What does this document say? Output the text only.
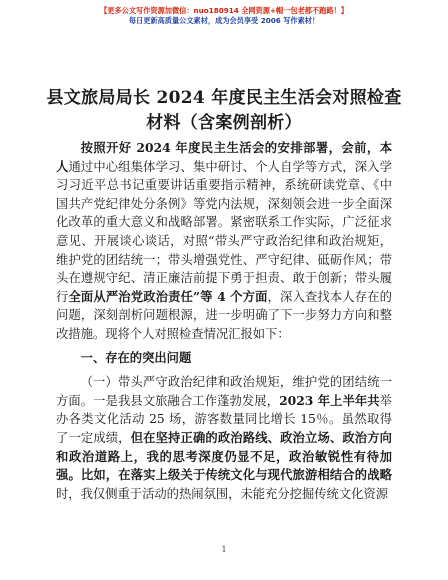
【更多公文写作资源加微信：nuo180914 全网资源+帽一包老都不跑路！】
每日更新高质量公文素材，成为会员享受 2006 写作素材！
县文旅局局长 2024 年度民主生活会对照检查材料（含案例剖析）

按照开好 2024 年度民主生活会的安排部署，会前，本人通过中心组集体学习、集中研讨、个人自学等方式，深入学习习近平总书记重要讲话重要指示精神，系统研读党章、《中国共产党纪律处分条例》等党内法规，深刻领会进一步全面深化改革的重大意义和战略部署。紧密联系工作实际，广泛征求意见、开展谈心谈话，对照“带头严守政治纪律和政治规矩，维护党的团结统一；带头增强党性、严守纪律、砥砺作风；带头在遵规守纪、清正廉洁前提下勇于担责、敢于创新；带头履行全面从严治党政治责任”等 4 个方面，深入查找本人存在的问题，深刻剖析问题根源，进一步明确了下一步努力方向和整改措施。现将个人对照检查情况汇报如下：

一、存在的突出问题

（一）带头严守政治纪律和政治规矩，维护党的团结统一方面。一是我县文旅融合工作蓬勃发展，2023 年上半年共举办各类文化活动 25 场，游客数量同比增长 15％。虽然取得了一定成绩，但在坚持正确的政治路线、政治立场、政治方向和政治道路上，我的思考深度仍显不足，政治敏锐性有待加强。比如，在落实上级关于传统文化与现代旅游相结合的战略时，我仅侧重于活动的热闹氛围，未能充分挖掘传统文化资源

1
